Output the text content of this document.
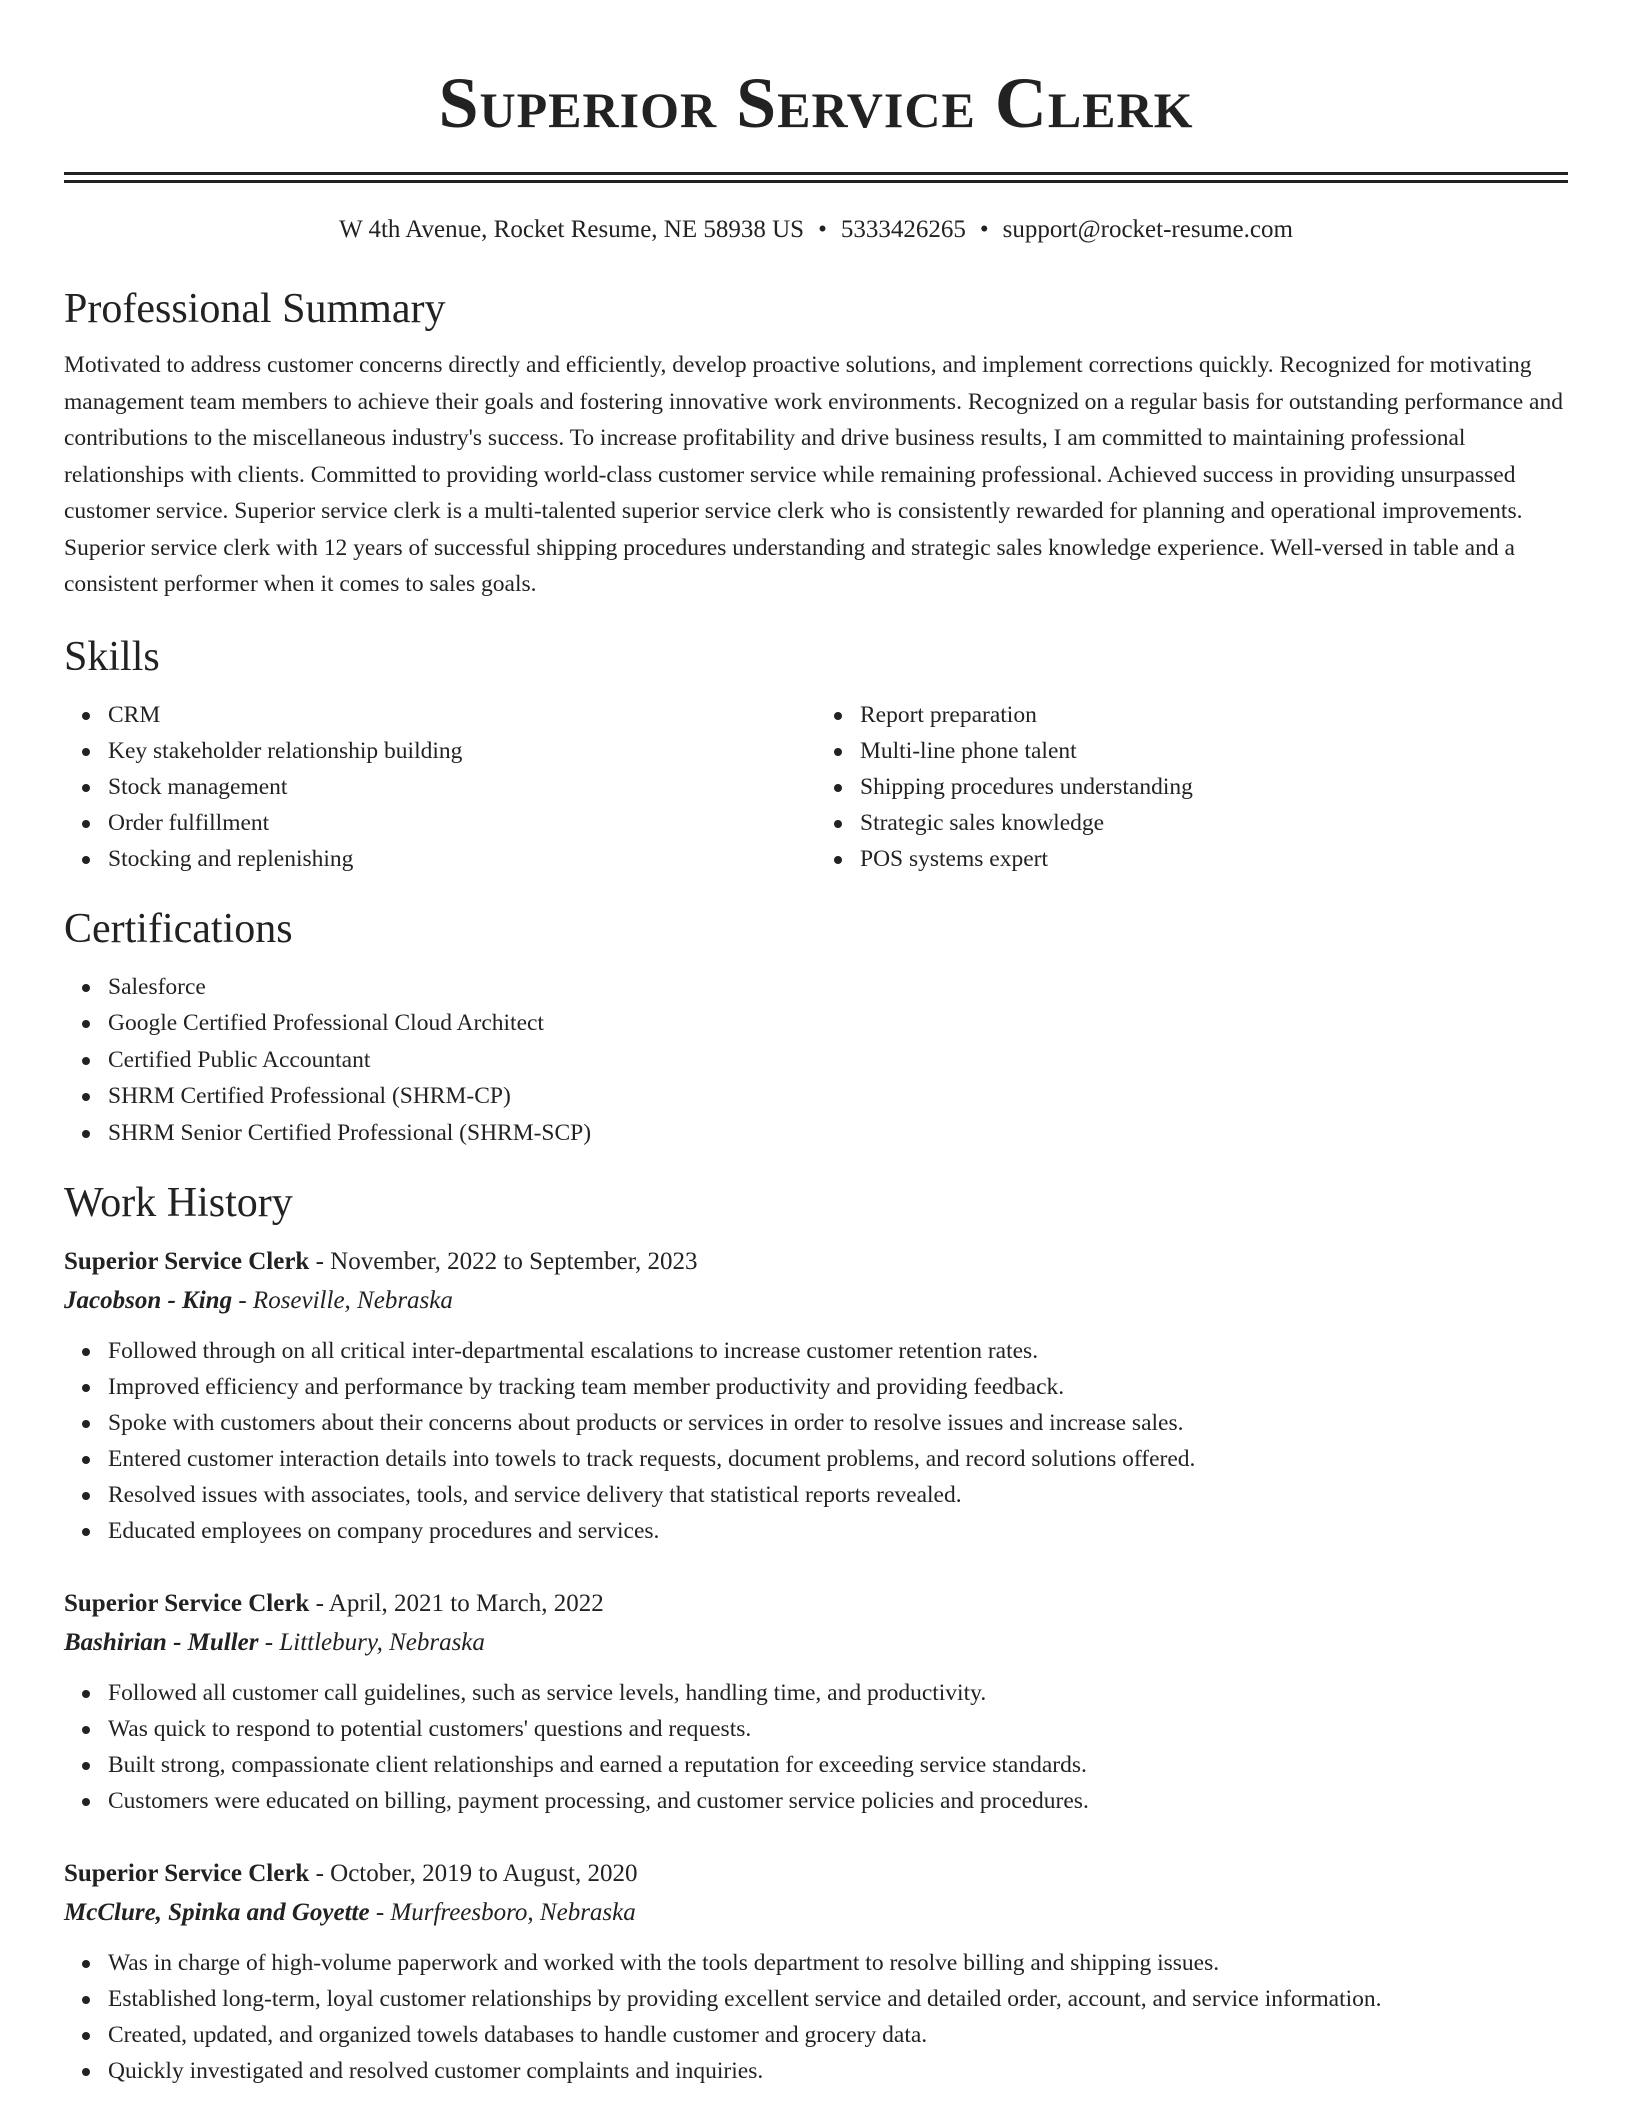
Superior Service Clerk
W 4th Avenue, Rocket Resume, NE 58938 US • 5333426265 • support@rocket-resume.com
Professional Summary
Motivated to address customer concerns directly and efficiently, develop proactive solutions, and implement corrections quickly. Recognized for motivating management team members to achieve their goals and fostering innovative work environments. Recognized on a regular basis for outstanding performance and contributions to the miscellaneous industry's success. To increase profitability and drive business results, I am committed to maintaining professional relationships with clients. Committed to providing world-class customer service while remaining professional. Achieved success in providing unsurpassed customer service. Superior service clerk is a multi-talented superior service clerk who is consistently rewarded for planning and operational improvements. Superior service clerk with 12 years of successful shipping procedures understanding and strategic sales knowledge experience. Well-versed in table and a consistent performer when it comes to sales goals.
Skills
CRM
Key stakeholder relationship building
Stock management
Order fulfillment
Stocking and replenishing
Report preparation
Multi-line phone talent
Shipping procedures understanding
Strategic sales knowledge
POS systems expert
Certifications
Salesforce
Google Certified Professional Cloud Architect
Certified Public Accountant
SHRM Certified Professional (SHRM-CP)
SHRM Senior Certified Professional (SHRM-SCP)
Work History
Superior Service Clerk - November, 2022 to September, 2023
Jacobson - King - Roseville, Nebraska
Followed through on all critical inter-departmental escalations to increase customer retention rates.
Improved efficiency and performance by tracking team member productivity and providing feedback.
Spoke with customers about their concerns about products or services in order to resolve issues and increase sales.
Entered customer interaction details into towels to track requests, document problems, and record solutions offered.
Resolved issues with associates, tools, and service delivery that statistical reports revealed.
Educated employees on company procedures and services.
Superior Service Clerk - April, 2021 to March, 2022
Bashirian - Muller - Littlebury, Nebraska
Followed all customer call guidelines, such as service levels, handling time, and productivity.
Was quick to respond to potential customers' questions and requests.
Built strong, compassionate client relationships and earned a reputation for exceeding service standards.
Customers were educated on billing, payment processing, and customer service policies and procedures.
Superior Service Clerk - October, 2019 to August, 2020
McClure, Spinka and Goyette - Murfreesboro, Nebraska
Was in charge of high-volume paperwork and worked with the tools department to resolve billing and shipping issues.
Established long-term, loyal customer relationships by providing excellent service and detailed order, account, and service information.
Created, updated, and organized towels databases to handle customer and grocery data.
Quickly investigated and resolved customer complaints and inquiries.
